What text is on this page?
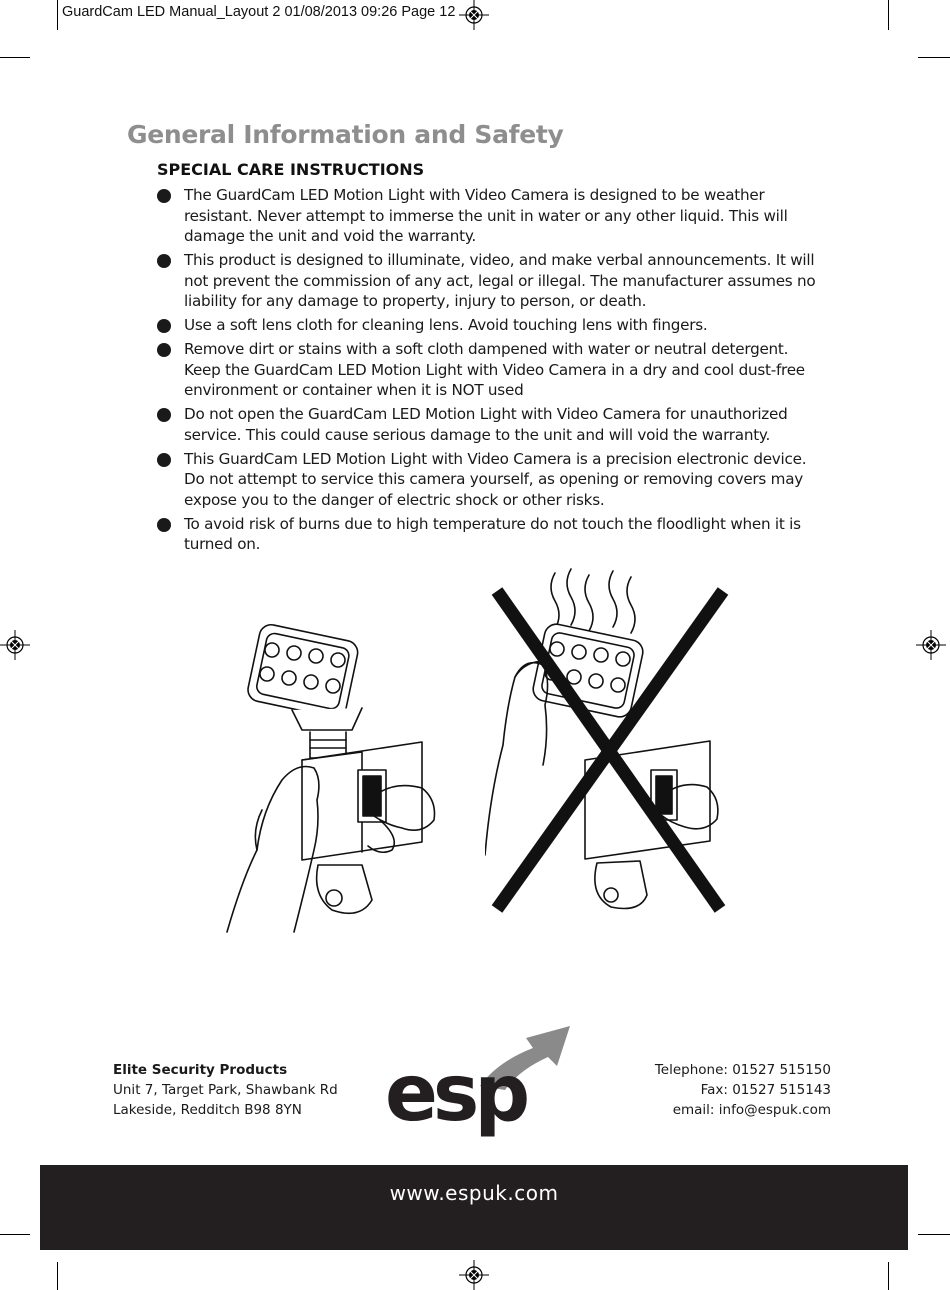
GuardCam LED Manual_Layout 2 01/08/2013 09:26 Page 12
General Information and Safety
SPECIAL CARE INSTRUCTIONS
The GuardCam LED Motion Light with Video Camera is designed to be weather resistant. Never attempt to immerse the unit in water or any other liquid. This will damage the unit and void the warranty.
This product is designed to illuminate, video, and make verbal announcements. It will not prevent the commission of any act, legal or illegal. The manufacturer assumes no liability for any damage to property, injury to person, or death.
Use a soft lens cloth for cleaning lens. Avoid touching lens with fingers.
Remove dirt or stains with a soft cloth dampened with water or neutral detergent. Keep the GuardCam LED Motion Light with Video Camera in a dry and cool dust-free environment or container when it is NOT used
Do not open the GuardCam LED Motion Light with Video Camera for unauthorized service. This could cause serious damage to the unit and will void the warranty.
This GuardCam LED Motion Light with Video Camera is a precision electronic device. Do not attempt to service this camera yourself, as opening or removing covers may expose you to the danger of electric shock or other risks.
To avoid risk of burns due to high temperature do not touch the floodlight when it is turned on.
Elite Security Products
Unit 7, Target Park, Shawbank Rd
Lakeside, Redditch B98 8YN	esp	Telephone: 01527 515150
Fax: 01527 515143
email: info@espuk.com
www.espuk.com
